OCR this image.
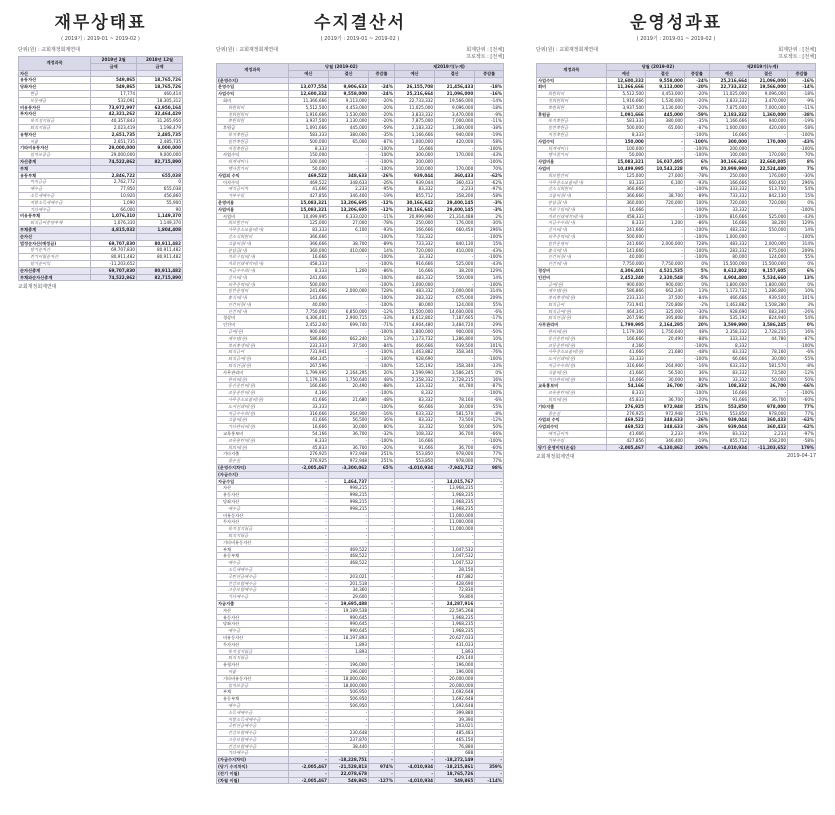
재무상태표
( 2019기 : 2019-01 ~ 2019-02 )
단위(원) : 교회재정회계연대
계정과목	2019년 2월	2018년 12월
	금액	금액
자산		
유동자산	549,865	18,765,726
당좌자산	549,865	18,765,726
현금	17,774	460,414
보통예금	532,091	18,305,312
비유동자산	73,972,997	63,950,164
투자자산	42,321,262	32,464,429
목적성적립금	40,357,843	31,265,950
퇴직적립금	2,023,419	1,198,479
유형자산	2,651,735	2,485,735
비품	2,651,735	2,485,735
기타비유동자산	29,000,000	9,000,000
임차보증금	29,000,000	9,000,000
자산총계	74,522,862	82,715,890
부채		
유동부채	2,846,722	655,038
미지급금	2,762,772	0
예수금	77,950	655,038
소득세예수금	10,920	456,860
지방소득세예수금	1,090	55,900
기타예수금	66,000	90
비유동부채	1,076,310	1,149,370
퇴직급여충당부채	1,076,310	1,149,370
부채총계	4,815,032	1,804,408
순자산		
법정순자산(예정금)	69,707,830	80,911,482
당기순자산	69,707,830	80,911,482
전기이월순자산	80,911,482	80,911,482
당기순이익	-11,203,652	-
순자산총계	69,707,830	80,911,482
부채와순자산총계	74,522,862	82,715,890
교회재정회계연대
수지결산서
( 2019기 : 2019-01 ~ 2019-02 )
단위(원) : 교회재정회계연대	회계단위 : [전체]
프로젝트 : [전체]
계정과목	당월 (2019-02)			제2019기(누계)		
	예산	결산	증감률	예산	결산	증감률
(운영수지)						
운영수입	13,077,554	9,906,633	-24%	26,155,708	21,456,433	-18%
사업수익	12,600,332	9,558,000	-24%	25,216,664	21,096,000	-16%
회비	11,366,666	9,113,000	-20%	22,733,332	19,566,000	-14%
회원회비	5,512,500	4,453,000	-20%	11,025,000	9,096,000	-18%
정회원회비	1,916,666	1,530,000	-20%	3,833,332	3,470,000	-9%
후원회원	3,937,500	3,130,000	-20%	7,875,000	7,000,000	-11%
후원금	1,091,666	445,000	-59%	2,183,332	1,360,000	-38%
목적후원금	583,333	380,000	-35%	1,166,666	940,000	-19%
일반후원금	500,000	65,000	-87%	1,000,000	420,000	-58%
지정후원금	8,333	-	-100%	16,666	-	-100%
사업수익	150,000	-	-100%	300,000	170,000	-43%
회계세미나	100,000	-	-100%	200,000	-	-100%
행사참가비	50,000	-	-100%	100,000	170,000	70%
사업외 수익	469,522	348,633	-26%	939,044	360,433	-62%
이자수익	469,522	348,633	-26%	939,044	360,433	-62%
예적금이자	41,666	2,233	-95%	83,332	2,233	-97%
기부수입	427,856	346,400	-19%	855,712	358,200	-58%
운영비용	15,083,321	13,206,695	-12%	30,166,642	29,400,145	-3%
사업비용	15,083,321	13,206,695	-12%	30,166,642	29,400,145	-3%
사업비	10,499,995	6,333,020	-11%	20,999,990	21,314,488	2%
회보발간비	125,000	27,000	-78%	250,000	176,000	-30%
사무용소모품비(사)	83,333	6,100	-93%	166,666	660,450	296%
강소식회원비	366,666	-	-100%	733,332	-	-100%
식품비용(사)	366,666	38,700	-89%	733,332	840,130	15%
분담금(사)	360,000	410,000	14%	720,000	410,000	-43%
자료구입비(사)	16,666	-	-100%	33,332	-	-100%
자료인쇄제작비(사)	458,333	-	-100%	916,666	525,000	-43%
지급수수료(사)	8,333	1,200	-86%	16,666	38,200	129%
강사비(사)	241,666	-	-100%	483,332	550,000	14%
외주용역비(사)	500,000	-	-100%	1,000,000	-	-100%
일반운영비	241,666	2,000,000	728%	483,332	2,000,000	314%
휴식비(사)	141,666	-	-100%	283,332	675,000	209%
인건비용(사)	40,000	-	-100%	80,000	124,000	55%
인건비(사)	7,750,000	6,850,000	-12%	15,500,000	14,600,000	-6%
경상비	4,306,401	2,900,715	-33%	8,612,802	7,187,665	-17%
인건비	2,452,240	699,740	-71%	4,904,480	3,484,720	-29%
급여(운)	900,000	-	-100%	1,800,000	900,000	-50%
제수당(운)	586,866	662,240	13%	1,173,732	1,286,800	10%
복리후생비(운)	233,333	37,500	-84%	466,666	939,500	101%
퇴직급여	731,941	-	-100%	1,463,882	358,340	-76%
퇴직급여(운)	464,345	-	-100%	928,690	-	-100%
퇴직연금(운)	267,596	-	-100%	535,192	358,340	-33%
사무관리비	1,799,995	2,164,295	20%	3,599,990	3,586,245	0%
관리비(운)	1,179,166	1,750,640	48%	2,358,332	2,728,215	16%
통신운반비(운)	166,666	20,490	-88%	333,332	44,780	-87%
교통운반비(운)	4,166	-	-100%	8,332	-	-100%
사무용소모품비(운)	41,666	21,680	-48%	83,332	78,160	-6%
도서인쇄비(운)	33,333	-	-100%	66,666	30,000	-55%
지급수수료(운)	316,666	264,900	-16%	633,332	581,570	-8%
식품비(운)	41,666	56,500	36%	83,332	73,500	-12%
기타관리비(운)	16,666	30,000	80%	33,332	50,000	50%
교육홍보비	54,166	36,700	-32%	108,332	36,700	-66%
교육훈련비(운)	8,333	-	-100%	16,666	-	-100%
회의비(운)	45,833	36,700	-20%	91,666	36,700	-60%
기타지출	276,925	972,948	251%	553,850	978,000	77%
잡손실	276,925	972,948	251%	553,850	978,000	77%
(운영수지차익)	-2,005,467	-3,300,062	65%	-4,010,934	-7,943,712	98%
(자금수지)						
자금수입	-	1,464,737	-	-	14,015,767	-
자산	-	998,215	-	-	13,968,235	-
유동자산	-	998,215	-	-	1,968,235	-
당좌자산	-	998,215	-	-	1,968,235	-
예수금	-	998,215	-	-	1,968,235	-
비유동자산	-	-	-	-	11,000,000	-
투자자산	-	-	-	-	11,000,000	-
목적성적립금	-	-	-	-	11,000,000	-
퇴직적립금	-	-	-	-	-	-
기타비유동자산	-	-	-	-	-	-
부채	-	469,522	-	-	1,047,532	-
유동부채	-	468,522	-	-	1,047,532	-
예수금	-	468,522	-	-	1,047,532	-
소득세예수금	-	-	-	-	28,150	-
국민연금예수금	-	203,021	-	-	467,882	-
건강보험예수금	-	201,518	-	-	428,690	-
고용보험예수금	-	34,360	-	-	72,830	-
기타예수금	-	29,600	-	-	59,800	-
자금지출	-	19,695,488	-	-	24,287,916	-
자산	-	19,189,538	-	-	22,595,268	-
유동자산	-	990,645	-	-	1,968,235	-
당좌자산	-	990,645	-	-	1,968,235	-
예수금	-	990,645	-	-	1,968,235	-
비유동자산	-	18,197,893	-	-	20,627,033	-
투자자산	-	1,893	-	-	431,033	-
목적성적립금	-	1,893	-	-	1,893	-
퇴직적립금	-	-	-	-	429,140	-
유형자산	-	196,000	-	-	196,000	-
비품	-	196,000	-	-	196,000	-
기타비유동자산	-	18,000,000	-	-	20,000,000	-
임차보증금	-	18,000,000	-	-	20,000,000	-
부채	-	506,950	-	-	1,692,648	-
유동부채	-	506,950	-	-	1,692,648	-
예수금	-	506,950	-	-	1,692,648	-
소득세예수금	-	-	-	-	399,880	-
지방소득세예수금	-	-	-	-	39,390	-
국민연금예수금	-	-	-	-	203,021	-
건강보험예수금	-	230,648	-	-	485,483	-
고용보험예수금	-	237,870	-	-	465,150	-
건강보험예수금	-	38,440	-	-	76,880	-
기타예수금	-	-	-	-	688	-
(자금수지차익)	-	-18,228,751	-	-	-18,272,149	-
(당기 수지차익)	-2,005,467	-21,528,813	974%	-4,010,934	-18,215,861	359%
(전기 이월)	-	22,078,678	-	-	18,765,726	-
(차월 이월)	-2,005,467	549,865	-127%	-4,010,934	549,865	-114%
운영성과표
( 2019기 : 2019-01 ~ 2019-02 )
단위(원) : 교회재정회계연대	회계단위 : [전체]
프로젝트 : [전체]
계정과목	당월 (2019-02)			제2019기(누계)		
	예산	결산	증감률	예산	결산	증감률
사업수익	12,600,332	9,558,000	-24%	25,216,664	21,096,000	-16%
회비	11,366,666	9,113,000	-20%	22,733,332	19,566,000	-14%
회원회비	5,512,500	4,453,000	-20%	11,025,000	9,096,000	-18%
정회원회비	1,916,666	1,530,000	-20%	3,833,332	3,470,000	-9%
후원회원	3,937,500	3,130,000	-20%	7,875,000	7,000,000	-11%
후원금	1,091,666	445,000	-59%	2,183,332	1,360,000	-38%
목적후원금	583,333	380,000	-35%	1,166,666	940,000	-19%
일반후원금	500,000	65,000	-87%	1,000,000	420,000	-58%
지정후원금	8,333	-	-100%	16,666	-	-100%
사업수익	150,000	-	-100%	300,000	170,000	-43%
회계세미나	100,000	-	-100%	200,000	-	-100%
행사참가비	50,000	-	-100%	100,000	170,000	70%
사업비용	15,083,321	16,037,495	6%	30,166,642	32,660,805	8%
사업비	10,499,995	10,543,228	0%	20,999,990	22,524,480	7%
회보발간비	125,000	27,000	-78%	250,000	176,000	-30%
사무용소모품비(사)	83,333	6,100	-93%	166,666	660,450	296%
강소식회원비	366,666	-	-100%	333,332	513,700	54%
식품비용(사)	366,666	38,700	-89%	733,332	842,130	15%
분담금(사)	360,000	720,000	100%	720,000	720,000	0%
자료구입비(사)	16,666	-	-100%	33,332	-	-100%
자료인쇄제작비(사)	458,333	-	-100%	816,666	525,000	-43%
지급수수료(사)	8,333	1,200	-86%	16,666	38,200	129%
강사비(사)	241,666	-	-100%	483,332	550,000	14%
외주용역비(사)	500,000	-	-100%	1,000,000	-	-100%
일반운영비	241,666	2,000,000	728%	483,332	2,000,000	314%
휴식비(사)	141,666	-	-100%	283,332	675,000	209%
인건비용(사)	40,000	-	-100%	80,000	124,000	55%
인건비(사)	7,750,000	7,750,000	0%	15,500,000	15,500,000	0%
경상비	4,306,401	4,521,535	5%	8,612,802	9,157,605	6%
인건비	2,452,240	2,320,548	-5%	4,904,480	5,534,660	13%
급여(운)	900,000	900,000	0%	1,800,000	1,800,000	0%
제수당(운)	586,866	662,240	13%	1,173,732	1,286,800	10%
복리후생비(운)	233,333	37,500	-84%	466,666	939,500	101%
퇴직급여	731,941	720,808	-2%	1,463,882	1,508,280	3%
퇴직급여(운)	464,345	325,000	-30%	928,690	683,340	-26%
퇴직연금(운)	267,596	395,808	48%	535,192	824,940	54%
사무관리비	1,799,995	2,164,295	20%	3,599,990	3,586,245	0%
관리비(운)	1,179,166	1,750,640	48%	2,358,332	2,728,215	16%
통신운반비(운)	166,666	20,490	-88%	333,332	44,780	-87%
교통운반비(운)	4,166	-	-100%	8,332	-	-100%
사무용소모품비(운)	41,666	21,680	-48%	83,332	78,160	-6%
도서인쇄비(운)	33,333	-	-100%	66,666	30,000	-55%
지급수수료(운)	316,666	264,900	-16%	633,332	581,570	-8%
식품비(운)	41,666	56,500	36%	83,332	73,500	-12%
기타관리비(운)	16,666	30,000	80%	33,332	50,000	50%
교육홍보비	54,166	36,700	-32%	108,332	36,700	-66%
교육훈련비(운)	8,333	-	-100%	16,666	-	-100%
회의비(운)	45,833	36,700	-20%	91,666	36,700	-60%
기타지출	276,925	972,948	251%	553,850	978,000	77%
잡손실	276,925	972,948	251%	553,850	978,000	77%
사업외 수익	469,522	348,633	-26%	939,044	360,433	-62%
사업외수익	469,522	348,633	-26%	939,044	360,433	-62%
예적금이자	41,666	2,233	-95%	83,332	2,233	-97%
기부수입	427,856	346,400	-19%	855,712	358,200	-58%
당기 운영이익(손실)	-2,005,467	-6,130,862	206%	-4,010,934	-11,203,652	179%
교회재정회계연대	2019-04-17
